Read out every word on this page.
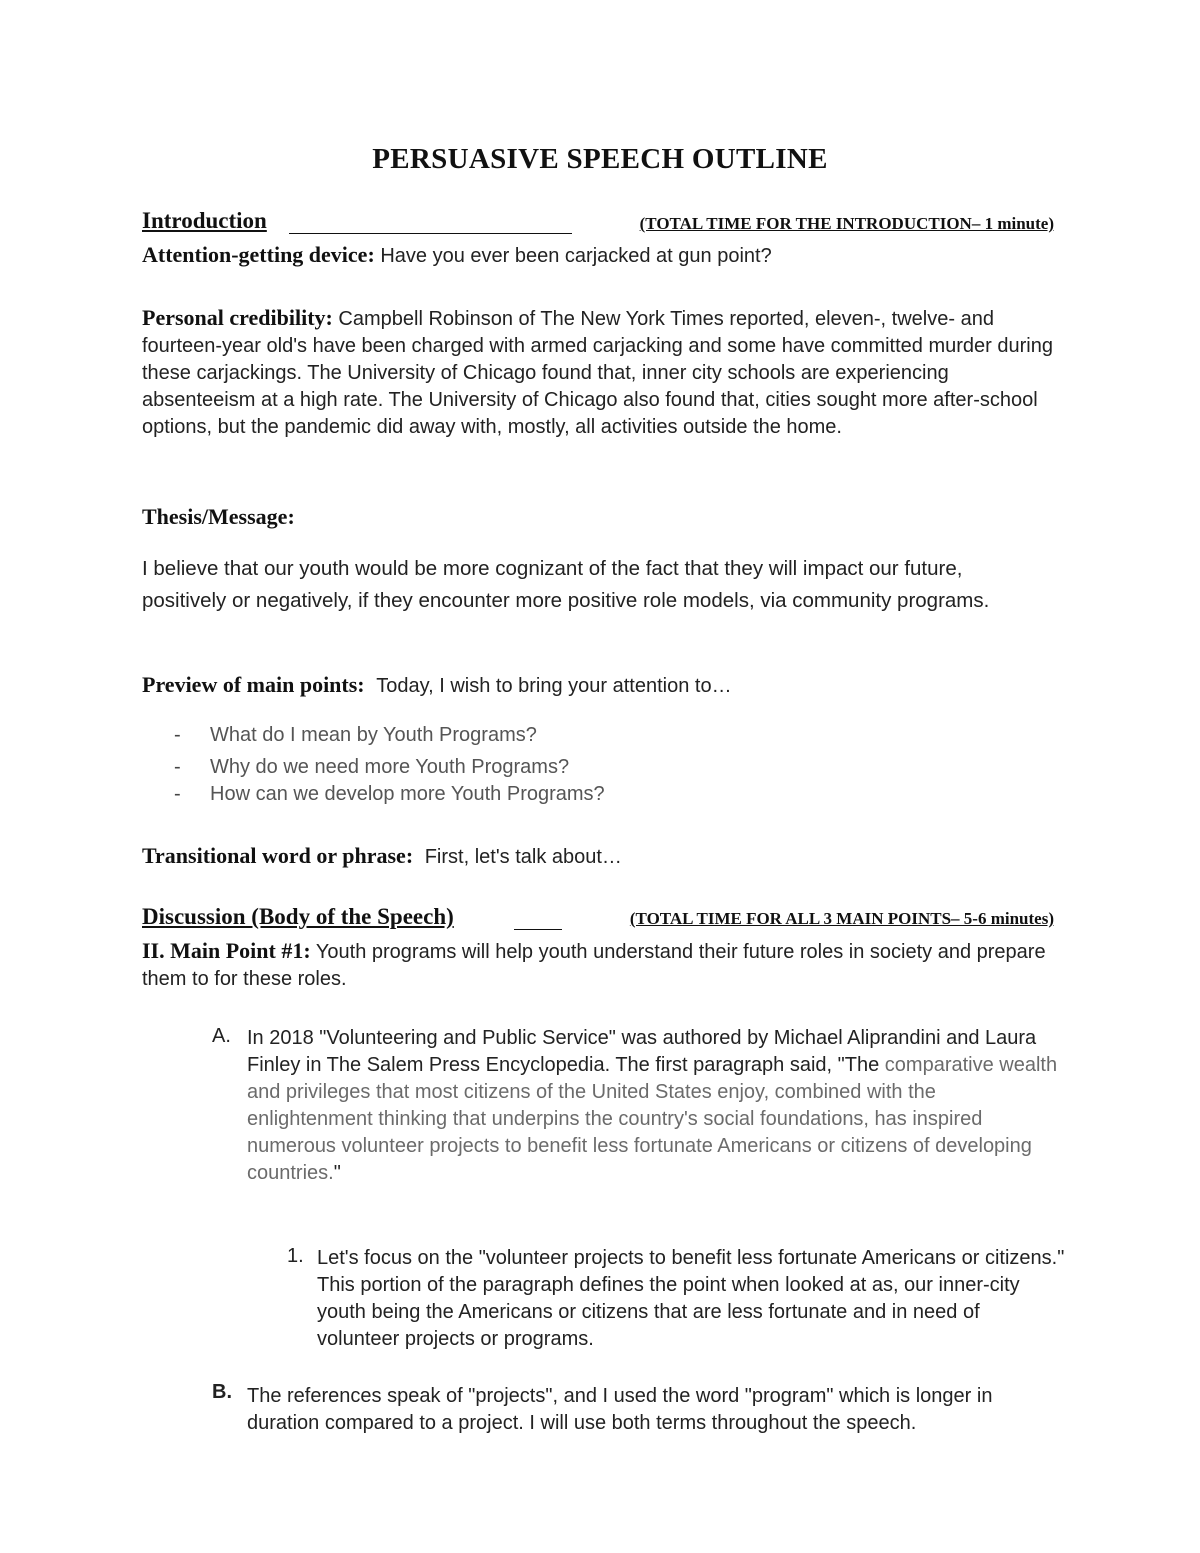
PERSUASIVE SPEECH OUTLINE
Introduction	(TOTAL TIME FOR THE INTRODUCTION– 1 minute)
Attention-getting device: Have you ever been carjacked at gun point?
Personal credibility: Campbell Robinson of The New York Times reported, eleven-, twelve- and fourteen-year old's have been charged with armed carjacking and some have committed murder during these carjackings. The University of Chicago found that, inner city schools are experiencing absenteeism at a high rate. The University of Chicago also found that, cities sought more after-school options, but the pandemic did away with, mostly, all activities outside the home.
Thesis/Message:
I believe that our youth would be more cognizant of the fact that they will impact our future, positively or negatively, if they encounter more positive role models, via community programs.
Preview of main points: Today, I wish to bring your attention to…
- What do I mean by Youth Programs?
- Why do we need more Youth Programs?
- How can we develop more Youth Programs?
Transitional word or phrase: First, let's talk about…
Discussion (Body of the Speech)	(TOTAL TIME FOR ALL 3 MAIN POINTS– 5-6 minutes)
II. Main Point #1: Youth programs will help youth understand their future roles in society and prepare them to for these roles.
A. In 2018 "Volunteering and Public Service" was authored by Michael Aliprandini and Laura Finley in The Salem Press Encyclopedia. The first paragraph said, "The comparative wealth and privileges that most citizens of the United States enjoy, combined with the enlightenment thinking that underpins the country's social foundations, has inspired numerous volunteer projects to benefit less fortunate Americans or citizens of developing countries."
1. Let's focus on the "volunteer projects to benefit less fortunate Americans or citizens." This portion of the paragraph defines the point when looked at as, our inner-city youth being the Americans or citizens that are less fortunate and in need of volunteer projects or programs.
B. The references speak of "projects", and I used the word "program" which is longer in duration compared to a project. I will use both terms throughout the speech.
